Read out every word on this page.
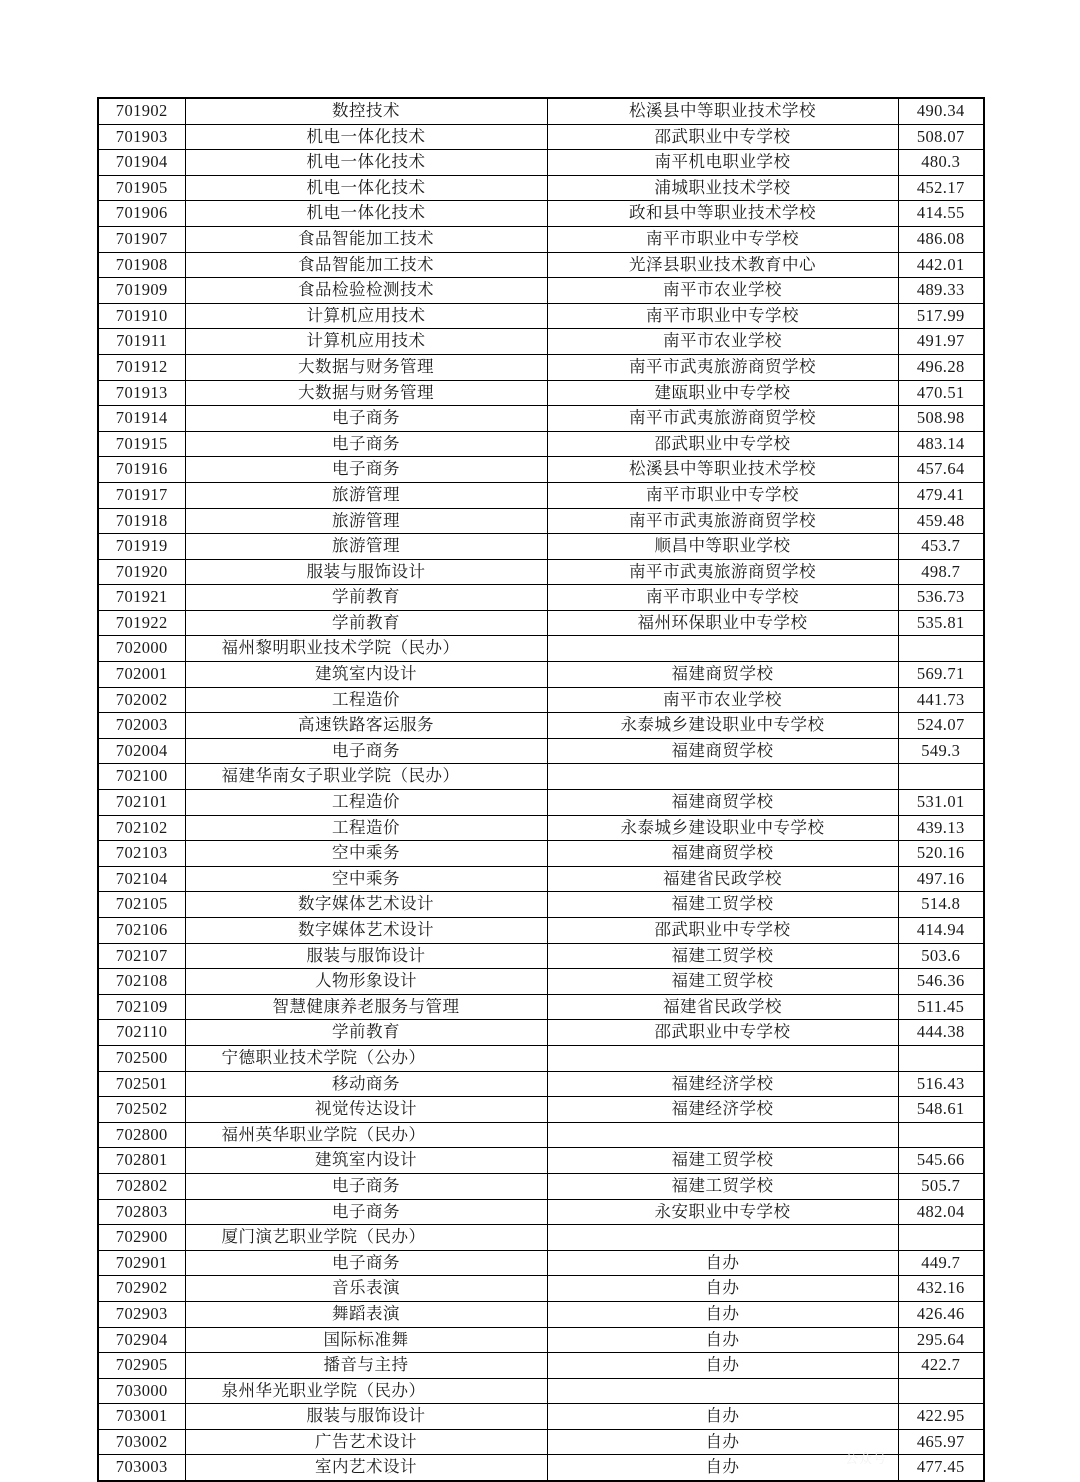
701902	数控技术	松溪县中等职业技术学校	490.34
701903	机电一体化技术	邵武职业中专学校	508.07
701904	机电一体化技术	南平机电职业学校	480.3
701905	机电一体化技术	浦城职业技术学校	452.17
701906	机电一体化技术	政和县中等职业技术学校	414.55
701907	食品智能加工技术	南平市职业中专学校	486.08
701908	食品智能加工技术	光泽县职业技术教育中心	442.01
701909	食品检验检测技术	南平市农业学校	489.33
701910	计算机应用技术	南平市职业中专学校	517.99
701911	计算机应用技术	南平市农业学校	491.97
701912	大数据与财务管理	南平市武夷旅游商贸学校	496.28
701913	大数据与财务管理	建瓯职业中专学校	470.51
701914	电子商务	南平市武夷旅游商贸学校	508.98
701915	电子商务	邵武职业中专学校	483.14
701916	电子商务	松溪县中等职业技术学校	457.64
701917	旅游管理	南平市职业中专学校	479.41
701918	旅游管理	南平市武夷旅游商贸学校	459.48
701919	旅游管理	顺昌中等职业学校	453.7
701920	服装与服饰设计	南平市武夷旅游商贸学校	498.7
701921	学前教育	南平市职业中专学校	536.73
701922	学前教育	福州环保职业中专学校	535.81
702000	福州黎明职业技术学院（民办）		
702001	建筑室内设计	福建商贸学校	569.71
702002	工程造价	南平市农业学校	441.73
702003	高速铁路客运服务	永泰城乡建设职业中专学校	524.07
702004	电子商务	福建商贸学校	549.3
702100	福建华南女子职业学院（民办）		
702101	工程造价	福建商贸学校	531.01
702102	工程造价	永泰城乡建设职业中专学校	439.13
702103	空中乘务	福建商贸学校	520.16
702104	空中乘务	福建省民政学校	497.16
702105	数字媒体艺术设计	福建工贸学校	514.8
702106	数字媒体艺术设计	邵武职业中专学校	414.94
702107	服装与服饰设计	福建工贸学校	503.6
702108	人物形象设计	福建工贸学校	546.36
702109	智慧健康养老服务与管理	福建省民政学校	511.45
702110	学前教育	邵武职业中专学校	444.38
702500	宁德职业技术学院（公办）		
702501	移动商务	福建经济学校	516.43
702502	视觉传达设计	福建经济学校	548.61
702800	福州英华职业学院（民办）		
702801	建筑室内设计	福建工贸学校	545.66
702802	电子商务	福建工贸学校	505.7
702803	电子商务	永安职业中专学校	482.04
702900	厦门演艺职业学院（民办）		
702901	电子商务	自办	449.7
702902	音乐表演	自办	432.16
702903	舞蹈表演	自办	426.46
702904	国际标准舞	自办	295.64
702905	播音与主持	自办	422.7
703000	泉州华光职业学院（民办）		
703001	服装与服饰设计	自办	422.95
703002	广告艺术设计	自办	465.97
703003	室内艺术设计	自办	477.45
公众号
